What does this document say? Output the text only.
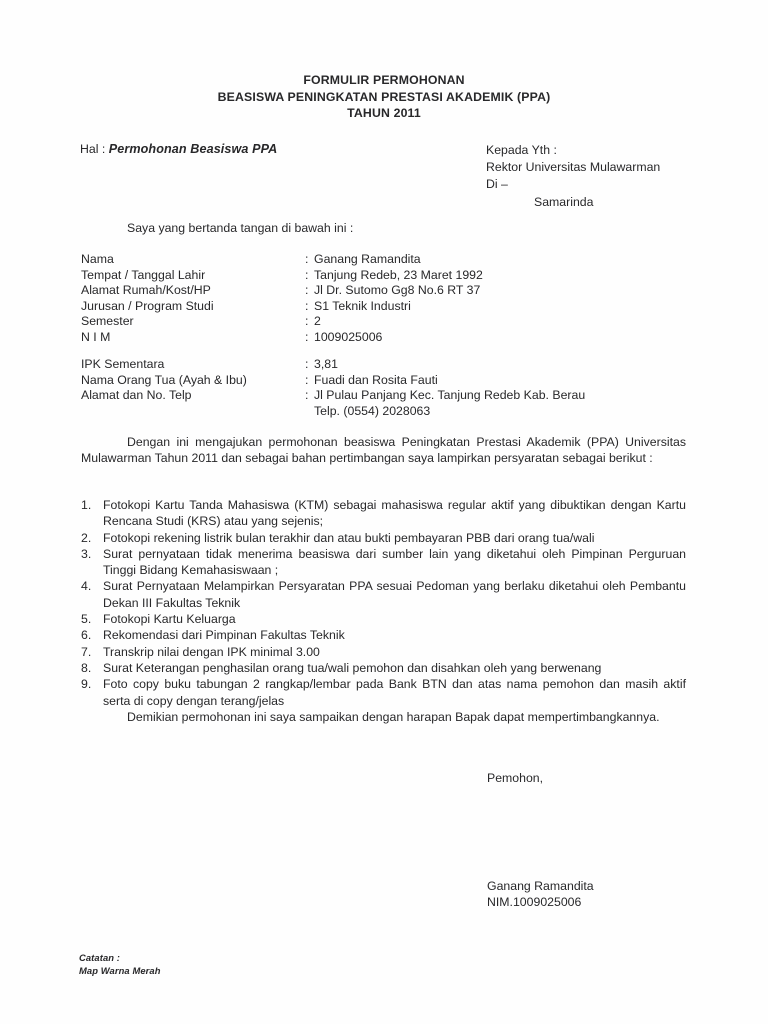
FORMULIR PERMOHONAN
BEASISWA PENINGKATAN PRESTASI AKADEMIK (PPA)
TAHUN 2011
Hal : Permohonan Beasiswa PPA	Kepada Yth :
Rektor Universitas Mulawarman
Di –
Samarinda
Saya yang bertanda tangan di bawah ini :
Nama	: Ganang Ramandita
Tempat / Tanggal Lahir	: Tanjung Redeb, 23 Maret 1992
Alamat Rumah/Kost/HP	: Jl Dr. Sutomo Gg8 No.6 RT 37
Jurusan / Program Studi	: S1 Teknik Industri
Semester	: 2
N I M	: 1009025006
IPK Sementara	: 3,81
Nama Orang Tua (Ayah & Ibu)	: Fuadi dan Rosita Fauti
Alamat dan No. Telp	: Jl Pulau Panjang Kec. Tanjung Redeb Kab. Berau
Telp. (0554) 2028063
Dengan ini mengajukan permohonan beasiswa Peningkatan Prestasi Akademik (PPA) Universitas Mulawarman Tahun 2011 dan sebagai bahan pertimbangan saya lampirkan persyaratan sebagai berikut :
1. Fotokopi Kartu Tanda Mahasiswa (KTM) sebagai mahasiswa regular aktif yang dibuktikan dengan Kartu Rencana Studi (KRS) atau yang sejenis;
2. Fotokopi rekening listrik bulan terakhir dan atau bukti pembayaran PBB dari orang tua/wali
3. Surat pernyataan tidak menerima beasiswa dari sumber lain yang diketahui oleh Pimpinan Perguruan Tinggi Bidang Kemahasiswaan ;
4. Surat Pernyataan Melampirkan Persyaratan PPA sesuai Pedoman yang berlaku diketahui oleh Pembantu Dekan III Fakultas Teknik
5. Fotokopi Kartu Keluarga
6. Rekomendasi dari Pimpinan Fakultas Teknik
7. Transkrip nilai dengan IPK minimal 3.00
8. Surat Keterangan penghasilan orang tua/wali pemohon dan disahkan oleh yang berwenang
9. Foto copy buku tabungan 2 rangkap/lembar pada Bank BTN dan atas nama pemohon dan masih aktif serta di copy dengan terang/jelas
Demikian permohonan ini saya sampaikan dengan harapan Bapak dapat mempertimbangkannya.
Pemohon,
Ganang Ramandita
NIM.1009025006
Catatan :
Map Warna Merah
